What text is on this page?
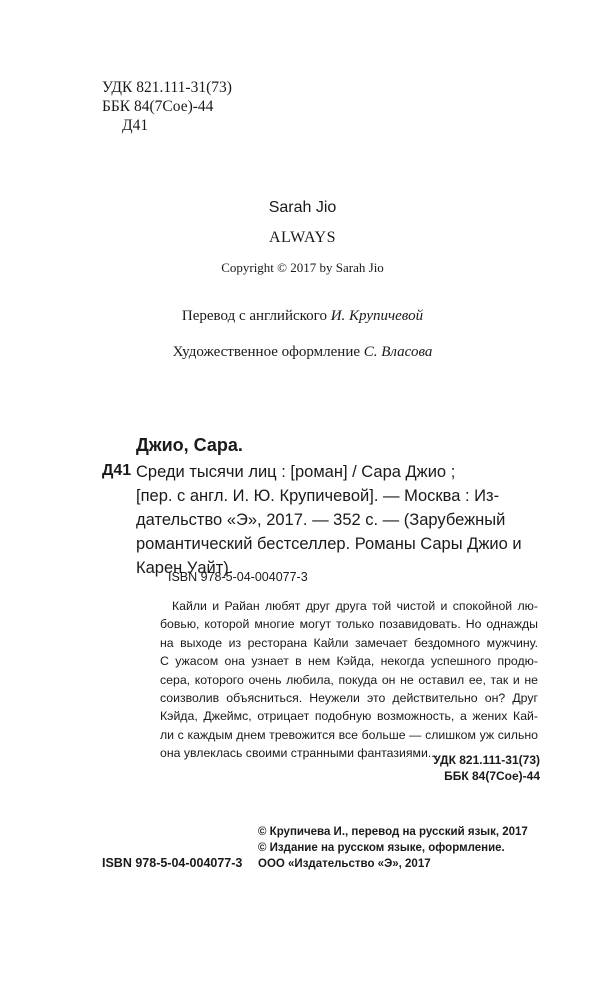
УДК 821.111-31(73)
ББК 84(7Сое)-44
Д41
Sarah Jio
ALWAYS
Copyright © 2017 by Sarah Jio
Перевод с английского И. Крупичевой
Художественное оформление С. Власова
Джио, Сара.
Д41 Среди тысячи лиц : [роман] / Сара Джио ;
[пер. с англ. И. Ю. Крупичевой]. — Москва : Из-
дательство «Э», 2017. — 352 с. — (Зарубежный
романтический бестселлер. Романы Сары Джио и
Карен Уайт).
ISBN 978-5-04-004077-3
Кайли и Райан любят друг друга той чистой и спокойной лю-
бовью, которой многие могут только позавидовать. Но однажды
на выходе из ресторана Кайли замечает бездомного мужчину.
С ужасом она узнает в нем Кэйда, некогда успешного продю-
сера, которого очень любила, покуда он не оставил ее, так и не
соизволив объясниться. Неужели это действительно он? Друг
Кэйда, Джеймс, отрицает подобную возможность, а жених Кай-
ли с каждым днем тревожится все больше — слишком уж сильно
она увлеклась своими странными фантазиями...
УДК 821.111-31(73)
ББК 84(7Сое)-44
© Крупичева И., перевод на русский язык, 2017
© Издание на русском языке, оформление.
ООО «Издательство «Э», 2017
ISBN 978-5-04-004077-3
